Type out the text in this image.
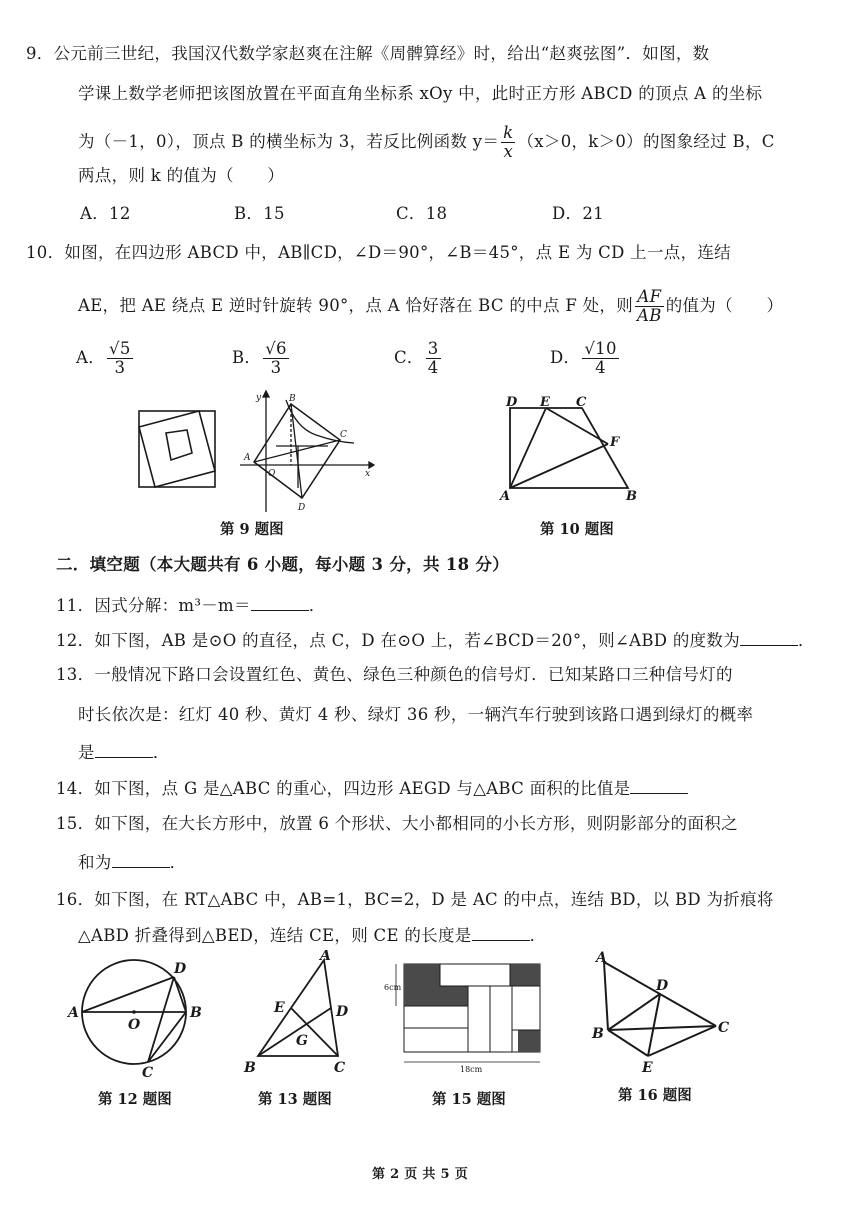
9．公元前三世纪，我国汉代数学家赵爽在注解《周髀算经》时，给出“赵爽弦图”．如图，数
学课上数学老师把该图放置在平面直角坐标系 xOy 中，此时正方形 ABCD 的顶点 A 的坐标
为（－1，0），顶点 B 的横坐标为 3，若反比例函数 $y= \frac{k}{x} (x>0$，k＞0）的图象经过 B，C
两点，则 k 的值为（　　）
A．12	B．15	C．18	D．21
10．如图，在四边形 ABCD 中，AB∥CD，∠D＝90°，∠B＝45°，点 E 为 CD 上一点，连结
AE，把 AE 绕点 E 逆时针旋转 90°，点 A 恰好落在 BC 的中点 F 处，则 $\frac{AF}{AB}$ 的值为（　　）
A． $\frac{√5}{3}$	B． $\frac{√6}{3}$	C． $\frac{3}{4}$	D． $\frac{√10}{4}$
y
x
A
O
B
C
D
D E C
F
A	B
第 9 题图	第 10 题图
二．填空题（本大题共有 6 小题，每小题 3 分，共 18 分）
11．因式分解：m³－m＝	．
12．如下图，AB 是⊙O 的直径，点 C，D 在⊙O 上，若∠BCD＝20°，则∠ABD 的度数为	．
13．一般情况下路口会设置红色、黄色、绿色三种颜色的信号灯．已知某路口三种信号灯的
时长依次是：红灯 40 秒、黄灯 4 秒、绿灯 36 秒，一辆汽车行驶到该路口遇到绿灯的概率
是	．
14．如下图，点 G 是△ABC 的重心，四边形 AEGD 与△ABC 面积的比值是
15．如下图，在大长方形中，放置 6 个形状、大小都相同的小长方形，则阴影部分的面积之
和为	．
16．如下图，在 RT△ABC 中，AB=1，BC=2，D 是 AC 的中点，连结 BD，以 BD 为折痕将
△ABD 折叠得到△BED，连结 CE，则 CE 的长度是	．
A
O
B
C
D
A
E	D
G
B	C
6cm
18cm
A
D
B	C
E
第 12 题图	第 13 题图	第 15 题图	第 16 题图
第 2 页 共 5 页
